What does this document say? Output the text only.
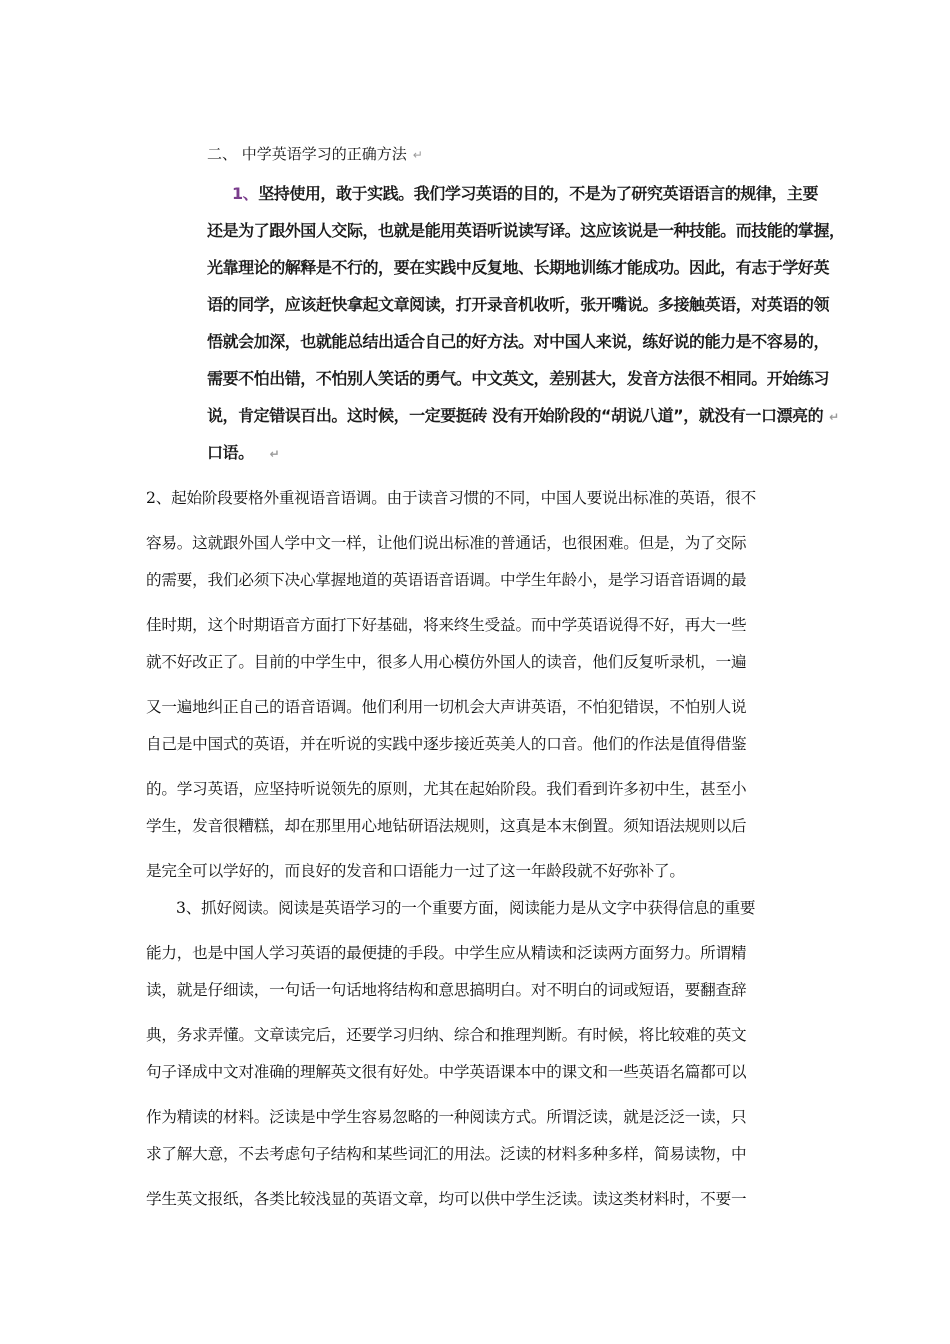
二、 中学英语学习的正确方法 ↵
1、坚持使用，敢于实践。我们学习英语的目的，不是为了研究英语语言的规律，主要
还是为了跟外国人交际，也就是能用英语听说读写译。这应该说是一种技能。而技能的掌握，
光靠理论的解释是不行的，要在实践中反复地、长期地训练才能成功。因此，有志于学好英
语的同学，应该赶快拿起文章阅读，打开录音机收听，张开嘴说。多接触英语，对英语的领
悟就会加深，也就能总结出适合自己的好方法。对中国人来说，练好说的能力是不容易的，
需要不怕出错，不怕别人笑话的勇气。中文英文，差别甚大，发音方法很不相同。开始练习
说，肯定错误百出。这时候，一定要挺砖 没有开始阶段的“胡说八道”，就没有一口漂亮的 ↵
口语。 ↵
2、起始阶段要格外重视语音语调。由于读音习惯的不同，中国人要说出标准的英语，很不
容易。这就跟外国人学中文一样，让他们说出标准的普通话，也很困难。但是，为了交际
的需要，我们必须下决心掌握地道的英语语音语调。中学生年龄小，是学习语音语调的最
佳时期，这个时期语音方面打下好基础，将来终生受益。而中学英语说得不好，再大一些
就不好改正了。目前的中学生中，很多人用心模仿外国人的读音，他们反复听录机，一遍
又一遍地纠正自己的语音语调。他们利用一切机会大声讲英语，不怕犯错误，不怕别人说
自己是中国式的英语，并在听说的实践中逐步接近英美人的口音。他们的作法是值得借鉴
的。学习英语，应坚持听说领先的原则，尤其在起始阶段。我们看到许多初中生，甚至小
学生，发音很糟糕，却在那里用心地钻研语法规则，这真是本末倒置。须知语法规则以后
是完全可以学好的，而良好的发音和口语能力一过了这一年龄段就不好弥补了。
3、抓好阅读。阅读是英语学习的一个重要方面，阅读能力是从文字中获得信息的重要
能力，也是中国人学习英语的最便捷的手段。中学生应从精读和泛读两方面努力。所谓精
读，就是仔细读，一句话一句话地将结构和意思搞明白。对不明白的词或短语，要翻查辞
典，务求弄懂。文章读完后，还要学习归纳、综合和推理判断。有时候，将比较难的英文
句子译成中文对准确的理解英文很有好处。中学英语课本中的课文和一些英语名篇都可以
作为精读的材料。泛读是中学生容易忽略的一种阅读方式。所谓泛读，就是泛泛一读，只
求了解大意，不去考虑句子结构和某些词汇的用法。泛读的材料多种多样，简易读物，中
学生英文报纸，各类比较浅显的英语文章，均可以供中学生泛读。读这类材料时，不要一
